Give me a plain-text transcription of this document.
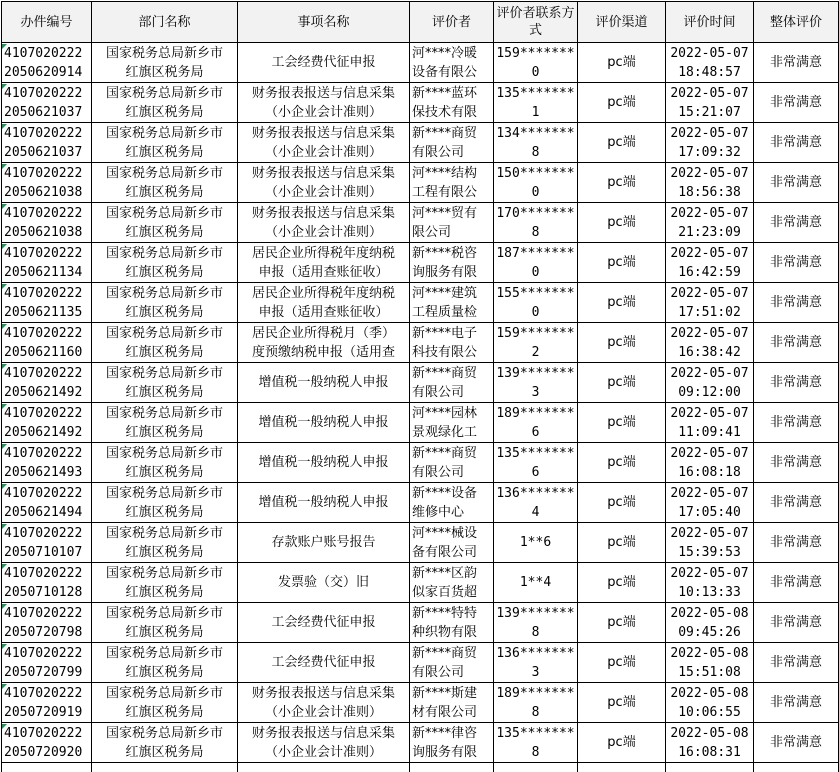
办件编号	部门名称	事项名称	评价者	评价者联系方式	评价渠道	评价时间	整体评价

4107020222
2050620914	国家税务总局新乡市
红旗区税务局	工会经费代征申报	河****冷暖
设备有限公	159*******
0	pc端	2022-05-07
18:48:57	非常满意

4107020222
2050621037	国家税务总局新乡市
红旗区税务局	财务报表报送与信息采集
（小企业会计准则）	新****蓝环
保技术有限	135*******
1	pc端	2022-05-07
15:21:07	非常满意

4107020222
2050621037	国家税务总局新乡市
红旗区税务局	财务报表报送与信息采集
（小企业会计准则）	新****商贸
有限公司	134*******
8	pc端	2022-05-07
17:09:32	非常满意

4107020222
2050621038	国家税务总局新乡市
红旗区税务局	财务报表报送与信息采集
（小企业会计准则）	河****结构
工程有限公	150*******
0	pc端	2022-05-07
18:56:38	非常满意

4107020222
2050621038	国家税务总局新乡市
红旗区税务局	财务报表报送与信息采集
（小企业会计准则）	河****贸有
限公司	170*******
8	pc端	2022-05-07
21:23:09	非常满意

4107020222
2050621134	国家税务总局新乡市
红旗区税务局	居民企业所得税年度纳税
申报（适用查账征收）	新****税咨
询服务有限	187*******
0	pc端	2022-05-07
16:42:59	非常满意

4107020222
2050621135	国家税务总局新乡市
红旗区税务局	居民企业所得税年度纳税
申报（适用查账征收）	河****建筑
工程质量检	155*******
0	pc端	2022-05-07
17:51:02	非常满意

4107020222
2050621160	国家税务总局新乡市
红旗区税务局	居民企业所得税月（季）
度预缴纳税申报（适用查	新****电子
科技有限公	159*******
2	pc端	2022-05-07
16:38:42	非常满意

4107020222
2050621492	国家税务总局新乡市
红旗区税务局	增值税一般纳税人申报	新****商贸
有限公司	139*******
3	pc端	2022-05-07
09:12:00	非常满意

4107020222
2050621492	国家税务总局新乡市
红旗区税务局	增值税一般纳税人申报	河****园林
景观绿化工	189*******
6	pc端	2022-05-07
11:09:41	非常满意

4107020222
2050621493	国家税务总局新乡市
红旗区税务局	增值税一般纳税人申报	新****商贸
有限公司	135*******
6	pc端	2022-05-07
16:08:18	非常满意

4107020222
2050621494	国家税务总局新乡市
红旗区税务局	增值税一般纳税人申报	新****设备
维修中心	136*******
4	pc端	2022-05-07
17:05:40	非常满意

4107020222
2050710107	国家税务总局新乡市
红旗区税务局	存款账户账号报告	河****械设
备有限公司	1**6	pc端	2022-05-07
15:39:53	非常满意

4107020222
2050710128	国家税务总局新乡市
红旗区税务局	发票验（交）旧	新****区韵
似家百货超	1**4	pc端	2022-05-07
10:13:33	非常满意

4107020222
2050720798	国家税务总局新乡市
红旗区税务局	工会经费代征申报	新****特特
种织物有限	139*******
8	pc端	2022-05-08
09:45:26	非常满意

4107020222
2050720799	国家税务总局新乡市
红旗区税务局	工会经费代征申报	新****商贸
有限公司	136*******
3	pc端	2022-05-08
15:51:08	非常满意

4107020222
2050720919	国家税务总局新乡市
红旗区税务局	财务报表报送与信息采集
（小企业会计准则）	新****斯建
材有限公司	189*******
8	pc端	2022-05-08
10:06:55	非常满意

4107020222
2050720920	国家税务总局新乡市
红旗区税务局	财务报表报送与信息采集
（小企业会计准则）	新****律咨
询服务有限	135*******
8	pc端	2022-05-08
16:08:31	非常满意
